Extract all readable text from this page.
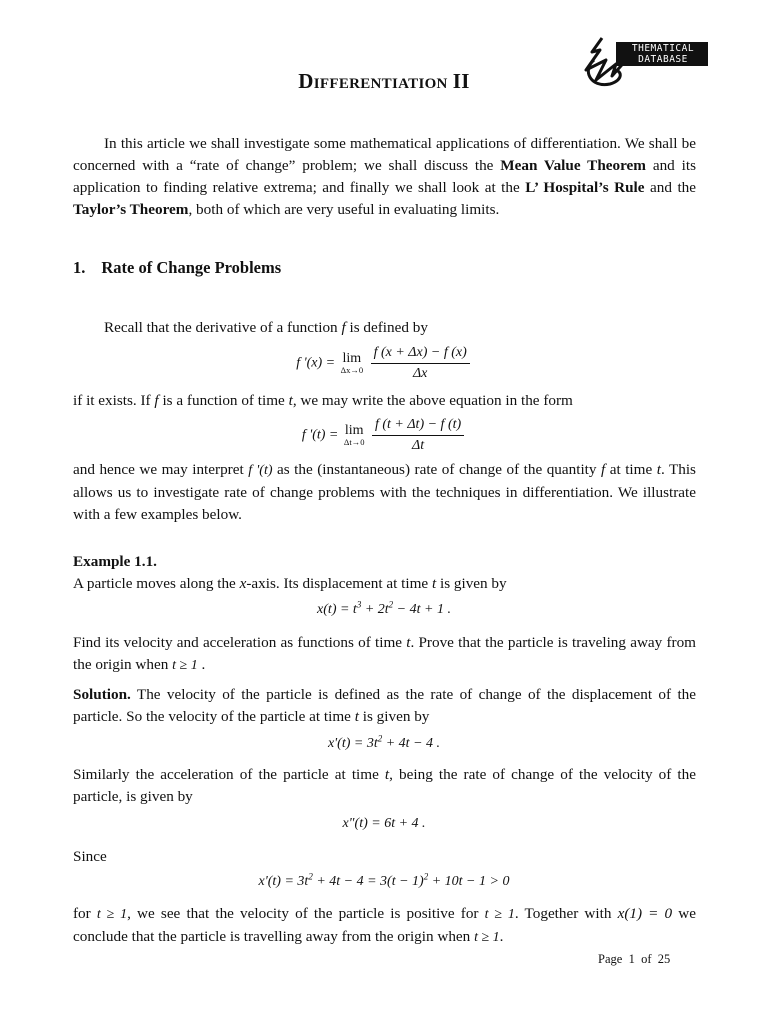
THEMATICAL
DATABASE
DIFFERENTIATION II
In this article we shall investigate some mathematical applications of differentiation. We shall be concerned with a “rate of change” problem; we shall discuss the Mean Value Theorem and its application to finding relative extrema; and finally we shall look at the L’ Hospital’s Rule and the Taylor’s Theorem, both of which are very useful in evaluating limits.
1. Rate of Change Problems
Recall that the derivative of a function f is defined by
f '(x) = lim
Δx→0
$\frac{f (x + \Delta x) - f (x)}{\Delta x}$
if it exists. If f is a function of time t, we may write the above equation in the form
f '(t) = lim
Δt→0
$\frac{f (t + \Delta t) - f (t)}{\Delta t}$
and hence we may interpret f '(t) as the (instantaneous) rate of change of the quantity f at time t. This allows us to investigate rate of change problems with the techniques in differentiation. We illustrate with a few examples below.
Example 1.1.
A particle moves along the x-axis. Its displacement at time t is given by
$x(t) = t^3 + 2t^2 - 4t + 1$ .
Find its velocity and acceleration as functions of time t. Prove that the particle is traveling away from the origin when t ≥ 1 .
Solution. The velocity of the particle is defined as the rate of change of the displacement of the particle. So the velocity of the particle at time t is given by
$x'(t) = 3t^2 + 4t - 4$ .
Similarly the acceleration of the particle at time t, being the rate of change of the velocity of the particle, is given by
x"(t) = 6t + 4 .
Since
$x'(t) = 3t^2 + 4t - 4 = 3(t - 1)^2 + 10t - 1 > 0$
for t ≥ 1, we see that the velocity of the particle is positive for t ≥ 1. Together with x(1) = 0 we conclude that the particle is travelling away from the origin when t ≥ 1.
Page 1 of 25
